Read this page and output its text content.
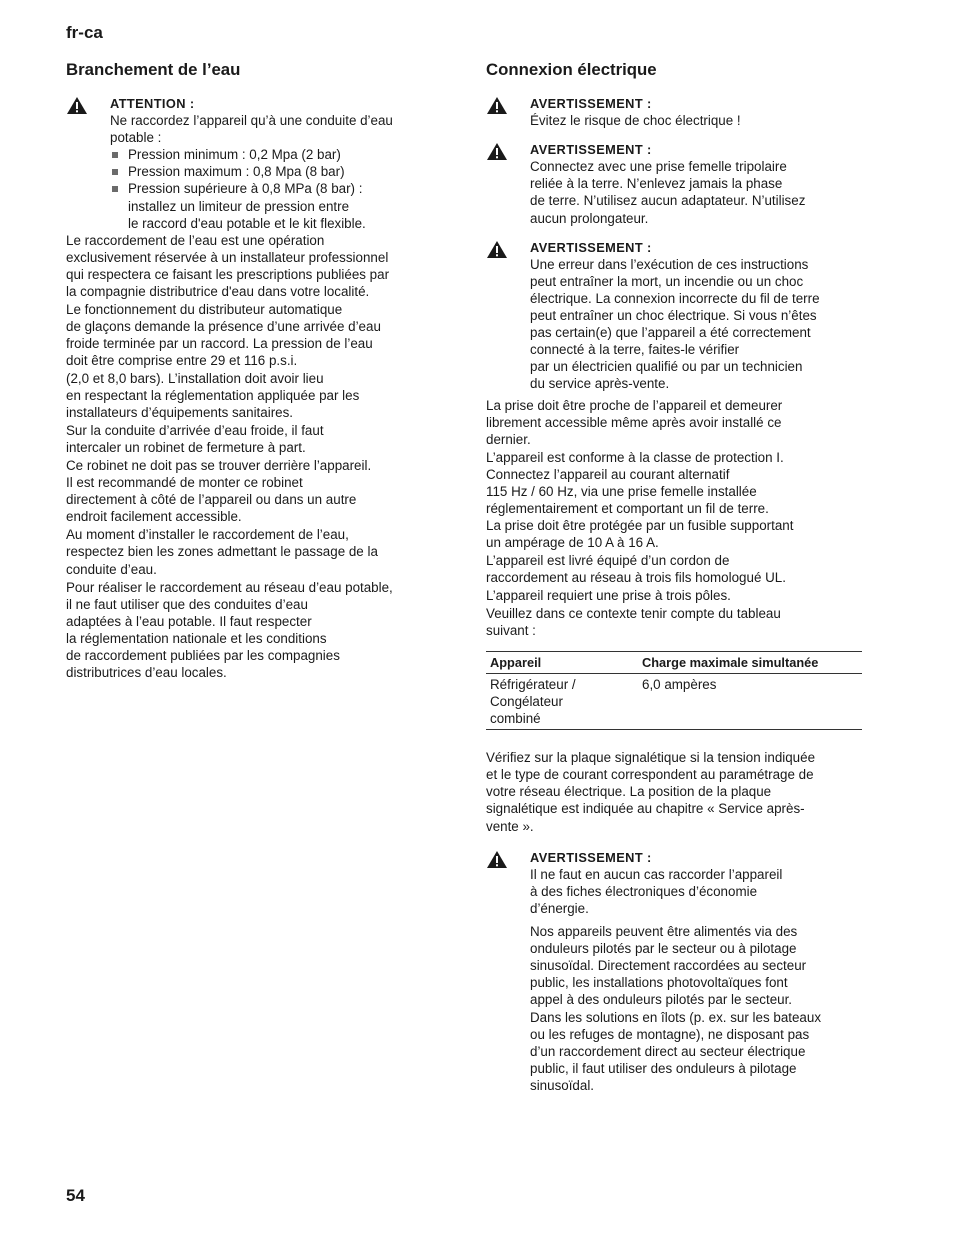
fr-ca
Branchement de l’eau
ATTENTION :
Ne raccordez l’appareil qu’à une conduite d’eau
potable :
Pression minimum : 0,2 Mpa (2 bar)
Pression maximum : 0,8 Mpa (8 bar)
Pression supérieure à 0,8 MPa (8 bar) :
installez un limiteur de pression entre
le raccord d'eau potable et le kit flexible.

Le raccordement de l’eau est une opération
exclusivement réservée à un installateur professionnel
qui respectera ce faisant les prescriptions publiées par
la compagnie distributrice d'eau dans votre localité.

Le fonctionnement du distributeur automatique
de glaçons demande la présence d’une arrivée d’eau
froide terminée par un raccord. La pression de l’eau
doit être comprise entre 29 et 116 p.s.i.
(2,0 et 8,0 bars). L’installation doit avoir lieu
en respectant la réglementation appliquée par les
installateurs d’équipements sanitaires.

Sur la conduite d’arrivée d’eau froide, il faut
intercaler un robinet de fermeture à part.

Ce robinet ne doit pas se trouver derrière l’appareil.
Il est recommandé de monter ce robinet
directement à côté de l’appareil ou dans un autre
endroit facilement accessible.

Au moment d’installer le raccordement de l’eau,
respectez bien les zones admettant le passage de la
conduite d’eau.

Pour réaliser le raccordement au réseau d’eau potable,
il ne faut utiliser que des conduites d’eau
adaptées à l’eau potable. Il faut respecter
la réglementation nationale et les conditions
de raccordement publiées par les compagnies
distributrices d’eau locales.

Connexion électrique
AVERTISSEMENT :

Évitez le risque de choc électrique !

AVERTISSEMENT :

Connectez avec une prise femelle tripolaire
reliée à la terre. N’enlevez jamais la phase
de terre. N’utilisez aucun adaptateur. N’utilisez
aucun prolongateur.

AVERTISSEMENT :

Une erreur dans l’exécution de ces instructions
peut entraîner la mort, un incendie ou un choc
électrique. La connexion incorrecte du fil de terre
peut entraîner un choc électrique. Si vous n’êtes
pas certain(e) que l’appareil a été correctement
connecté à la terre, faites-le vérifier
par un électricien qualifié ou par un technicien
du service après-vente.

La prise doit être proche de l’appareil et demeurer
librement accessible même après avoir installé ce
dernier.

L’appareil est conforme à la classe de protection I.
Connectez l’appareil au courant alternatif
115 Hz / 60 Hz, via une prise femelle installée
réglementairement et comportant un fil de terre.
La prise doit être protégée par un fusible supportant
un ampérage de 10 A à 16 A.

L’appareil est livré équipé d’un cordon de
raccordement au réseau à trois fils homologué UL.
L’appareil requiert une prise à trois pôles.

Veuillez dans ce contexte tenir compte du tableau
suivant :

Appareil	Charge maximale simultanée
Réfrigérateur /
Congélateur
combiné	6,0 ampères

Vérifiez sur la plaque signalétique si la tension indiquée
et le type de courant correspondent au paramétrage de
votre réseau électrique. La position de la plaque
signalétique est indiquée au chapitre « Service après-
vente ».

AVERTISSEMENT :

Il ne faut en aucun cas raccorder l’appareil
à des fiches électroniques d’économie
d’énergie.

Nos appareils peuvent être alimentés via des
onduleurs pilotés par le secteur ou à pilotage
sinusoïdal. Directement raccordées au secteur
public, les installations photovoltaïques font
appel à des onduleurs pilotés par le secteur.
Dans les solutions en îlots (p. ex. sur les bateaux
ou les refuges de montagne), ne disposant pas
d’un raccordement direct au secteur électrique
public, il faut utiliser des onduleurs à pilotage
sinusoïdal.

54
